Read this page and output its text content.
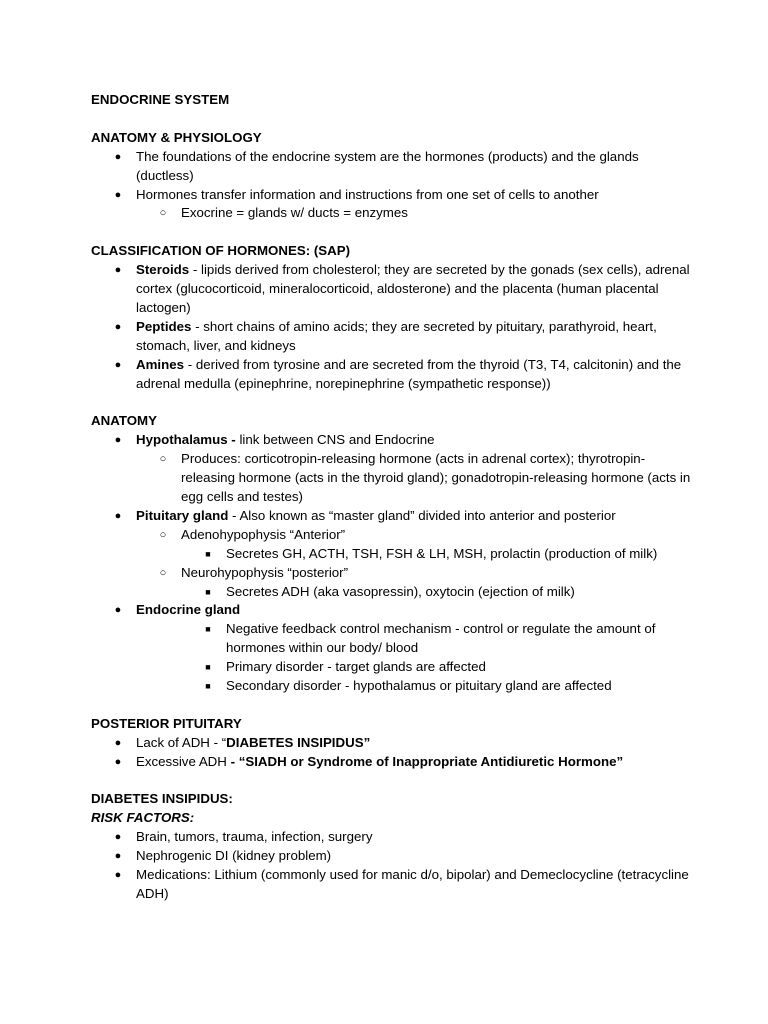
ENDOCRINE SYSTEM
ANATOMY & PHYSIOLOGY
●	The foundations of the endocrine system are the hormones (products) and the glands (ductless)
●	Hormones transfer information and instructions from one set of cells to another
○	Exocrine = glands w/ ducts = enzymes
CLASSIFICATION OF HORMONES: (SAP)
●	Steroids - lipids derived from cholesterol; they are secreted by the gonads (sex cells), adrenal cortex (glucocorticoid, mineralocorticoid, aldosterone) and the placenta (human placental lactogen)
●	Peptides - short chains of amino acids; they are secreted by pituitary, parathyroid, heart, stomach, liver, and kidneys
●	Amines - derived from tyrosine and are secreted from the thyroid (T3, T4, calcitonin) and the adrenal medulla (epinephrine, norepinephrine (sympathetic response))
ANATOMY
●	Hypothalamus - link between CNS and Endocrine
○	Produces: corticotropin-releasing hormone (acts in adrenal cortex); thyrotropin-releasing hormone (acts in the thyroid gland); gonadotropin-releasing hormone (acts in egg cells and testes)
●	Pituitary gland - Also known as “master gland” divided into anterior and posterior
○	Adenohypophysis “Anterior”
■	Secretes GH, ACTH, TSH, FSH & LH, MSH, prolactin (production of milk)
○	Neurohypophysis “posterior”
■	Secretes ADH (aka vasopressin), oxytocin (ejection of milk)
●	Endocrine gland
■	Negative feedback control mechanism - control or regulate the amount of hormones within our body/ blood
■	Primary disorder - target glands are affected
■	Secondary disorder - hypothalamus or pituitary gland are affected
POSTERIOR PITUITARY
●	Lack of ADH - “DIABETES INSIPIDUS”
●	Excessive ADH - “SIADH or Syndrome of Inappropriate Antidiuretic Hormone”
DIABETES INSIPIDUS:
RISK FACTORS:
●	Brain, tumors, trauma, infection, surgery
●	Nephrogenic DI (kidney problem)
●	Medications: Lithium (commonly used for manic d/o, bipolar) and Demeclocycline (tetracycline ADH)
